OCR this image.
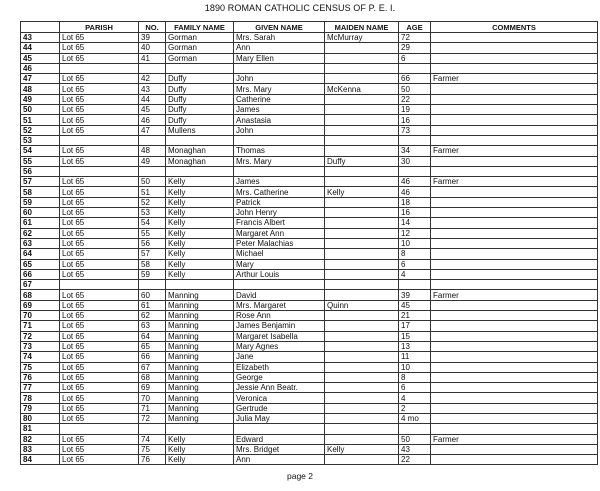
1890 ROMAN CATHOLIC CENSUS OF P. E. I.
	PARISH	NO.	FAMILY NAME	GIVEN NAME	MAIDEN NAME	AGE	COMMENTS
43	Lot 65	39	Gorman	Mrs. Sarah	McMurray	72	
44	Lot 65	40	Gorman	Ann		29	
45	Lot 65	41	Gorman	Mary Ellen		6	
46							
47	Lot 65	42	Duffy	John		66	Farmer
48	Lot 65	43	Duffy	Mrs. Mary	McKenna	50	
49	Lot 65	44	Duffy	Catherine		22	
50	Lot 65	45	Duffy	James		19	
51	Lot 65	46	Duffy	Anastasia		16	
52	Lot 65	47	Mullens	John		73	
53							
54	Lot 65	48	Monaghan	Thomas		34	Farmer
55	Lot 65	49	Monaghan	Mrs. Mary	Duffy	30	
56							
57	Lot 65	50	Kelly	James		46	Farmer
58	Lot 65	51	Kelly	Mrs. Catherine	Kelly	46	
59	Lot 65	52	Kelly	Patrick		18	
60	Lot 65	53	Kelly	John Henry		16	
61	Lot 65	54	Kelly	Francis Albert		14	
62	Lot 65	55	Kelly	Margaret Ann		12	
63	Lot 65	56	Kelly	Peter Malachias		10	
64	Lot 65	57	Kelly	Michael		8	
65	Lot 65	58	Kelly	Mary		6	
66	Lot 65	59	Kelly	Arthur Louis		4	
67							
68	Lot 65	60	Manning	David		39	Farmer
69	Lot 65	61	Manning	Mrs. Margaret	Quinn	45	
70	Lot 65	62	Manning	Rose Ann		21	
71	Lot 65	63	Manning	James Benjamin		17	
72	Lot 65	64	Manning	Margaret Isabella		15	
73	Lot 65	65	Manning	Mary Agnes		13	
74	Lot 65	66	Manning	Jane		11	
75	Lot 65	67	Manning	Elizabeth		10	
76	Lot 65	68	Manning	George		8	
77	Lot 65	69	Manning	Jessie Ann Beatr.		6	
78	Lot 65	70	Manning	Veronica		4	
79	Lot 65	71	Manning	Gertrude		2	
80	Lot 65	72	Manning	Julia May		4 mo	
81							
82	Lot 65	74	Kelly	Edward		50	Farmer
83	Lot 65	75	Kelly	Mrs. Bridget	Kelly	43	
84	Lot 65	76	Kelly	Ann		22	
page 2
